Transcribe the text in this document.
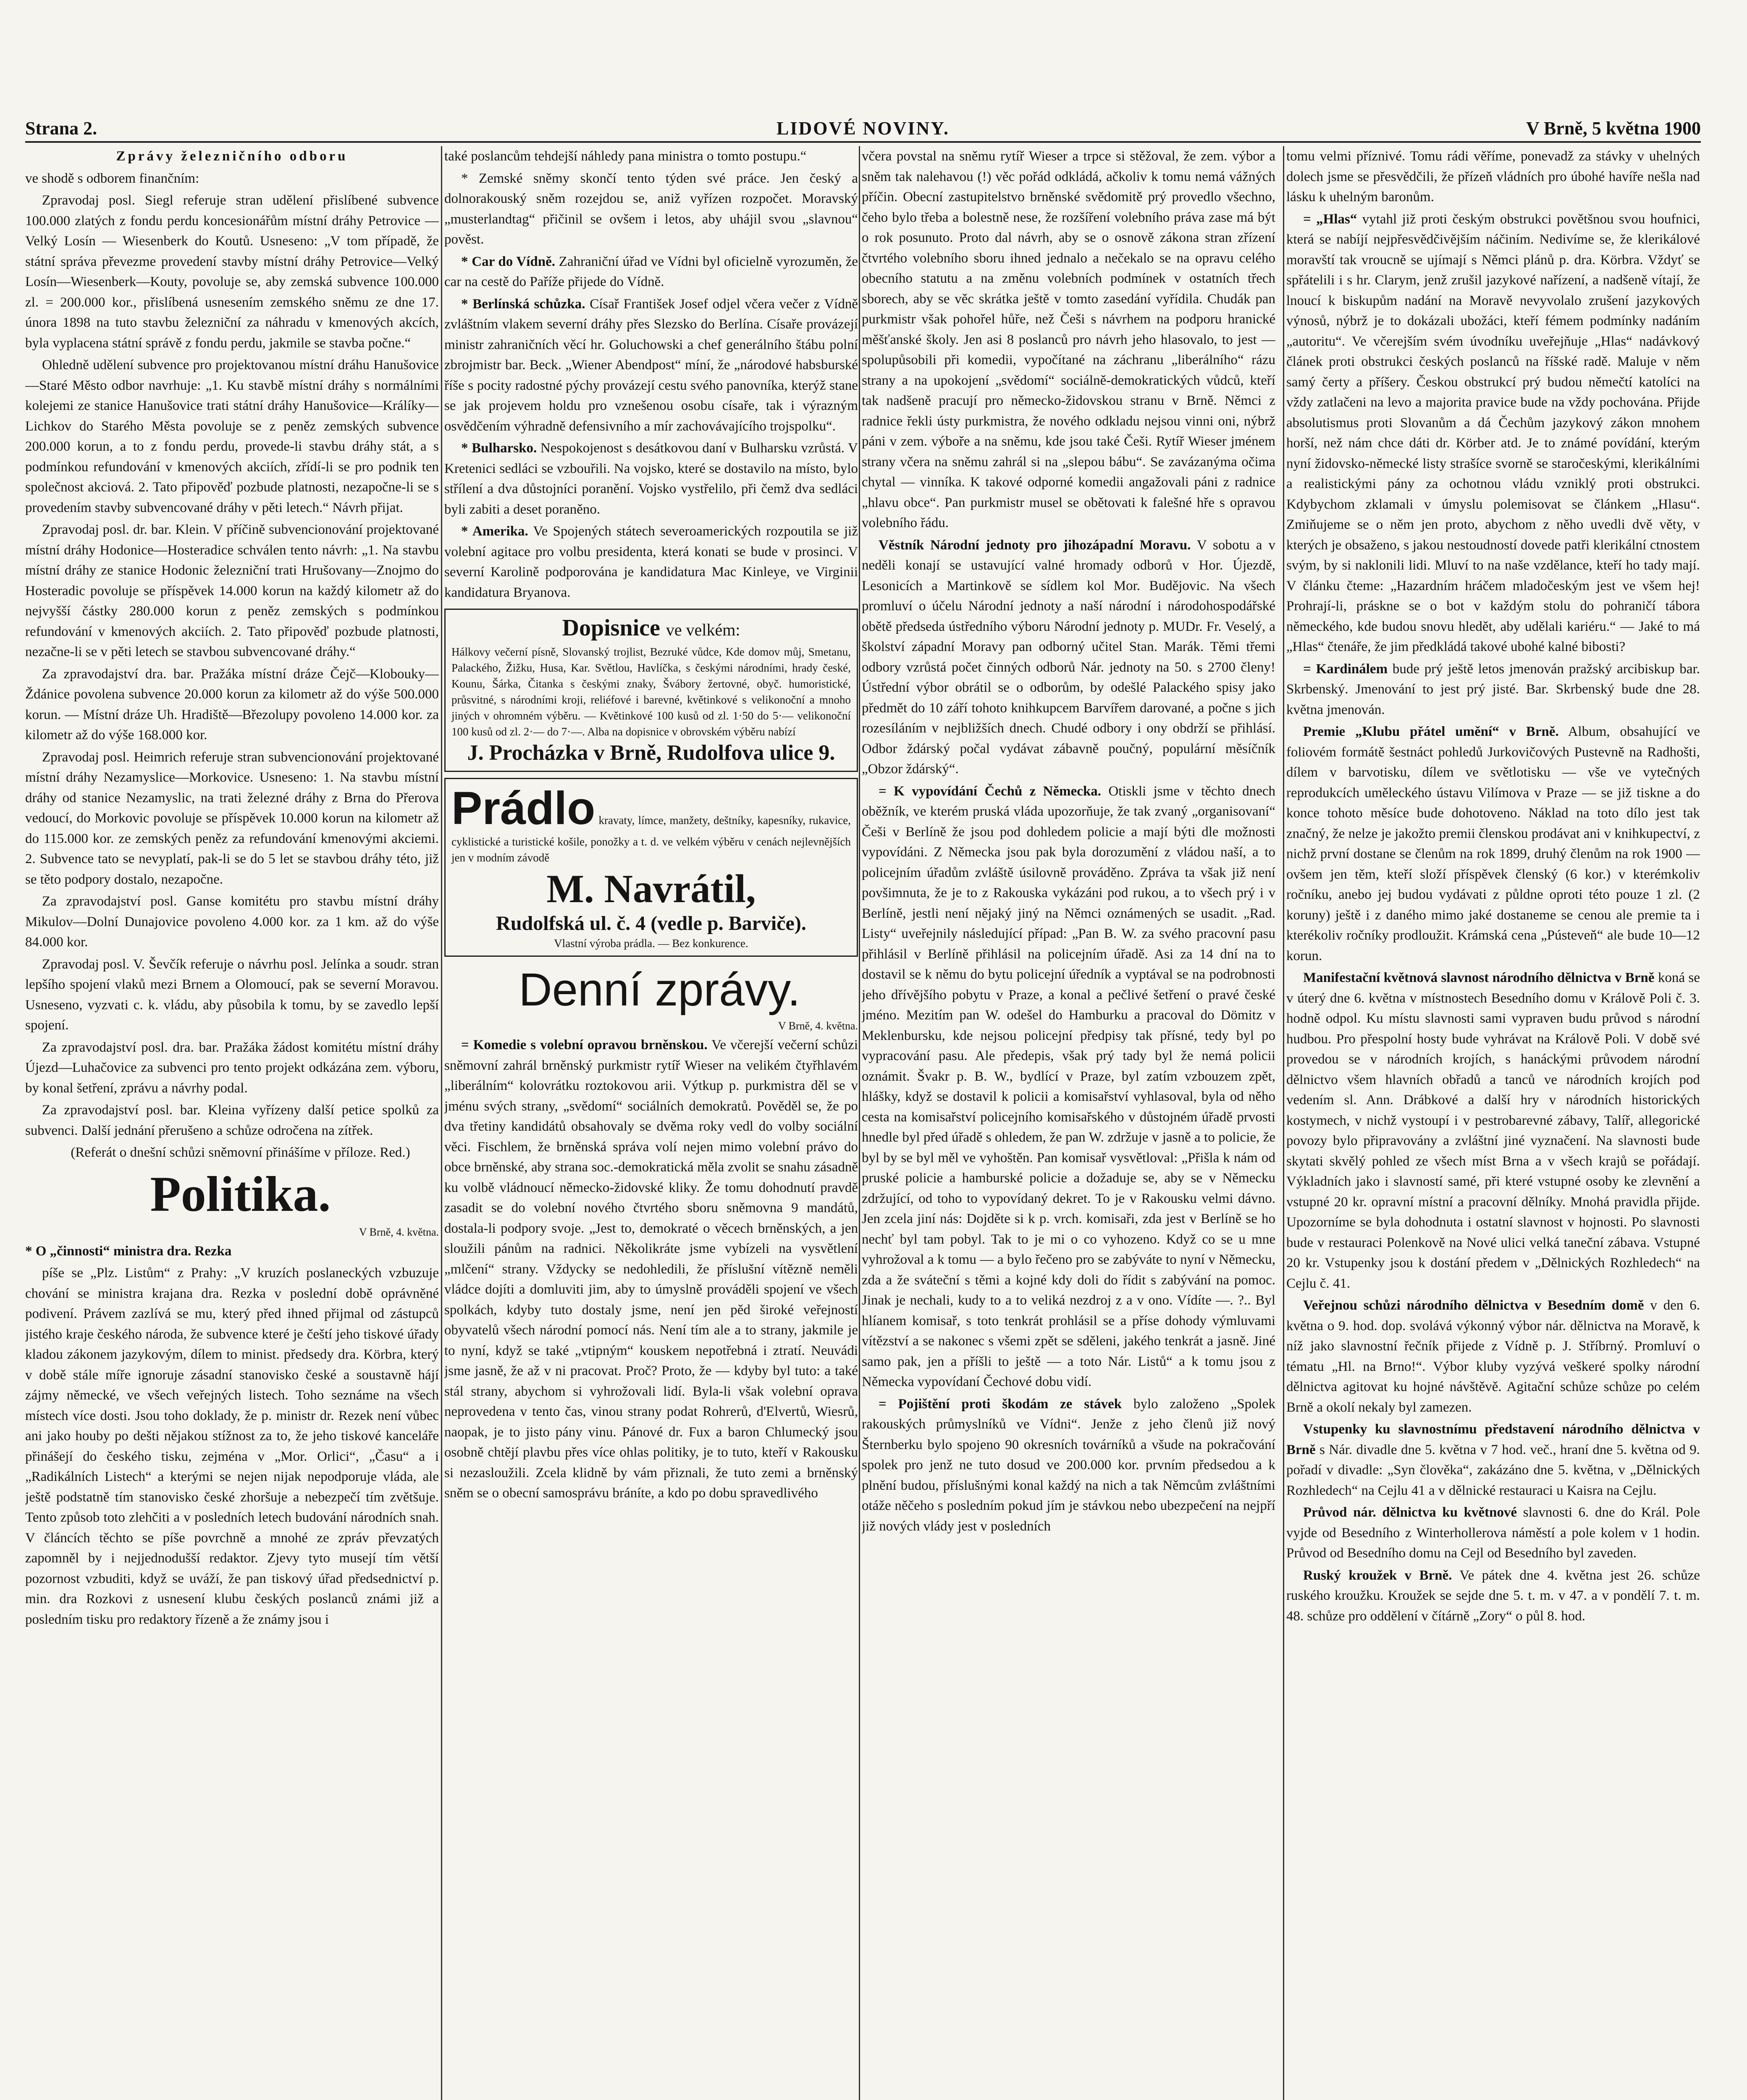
Strana 2.	LIDOVÉ NOVINY.	V Brně, 5 května 1900

Zprávy železničního odboru

ve shodě s odborem finančním:

Zpravodaj posl. Siegl referuje stran udělení přislíbené subvence 100.000 zlatých z fondu perdu koncesionářům místní dráhy Petrovice — Velký Losín — Wiesenberk do Koutů. Usneseno: „V tom případě, že státní správa převezme provedení stavby místní dráhy Petrovice—Velký Losín—Wiesenberk—Kouty, povoluje se, aby zemská subvence 100.000 zl. = 200.000 kor., přislíbená usnesením zemského sněmu ze dne 17. února 1898 na tuto stavbu železniční za náhradu v kmenových akcích, byla vyplacena státní správě z fondu perdu, jakmile se stavba počne.“

Ohledně udělení subvence pro projektovanou místní dráhu Hanušovice—Staré Město odbor navrhuje: „1. Ku stavbě místní dráhy s normálními kolejemi ze stanice Hanušovice trati státní dráhy Hanušovice—Králíky—Lichkov do Starého Města povoluje se z peněz zemských subvence 200.000 korun, a to z fondu perdu, provede-li stavbu dráhy stát, a s podmínkou refundování v kmenových akciích, zřídí-li se pro podnik ten společnost akciová. 2. Tato připověď pozbude platnosti, nezapočne-li se s provedením stavby subvencované dráhy v pěti letech.“ Návrh přijat.

Zpravodaj posl. dr. bar. Klein. V příčině subvencionování projektované místní dráhy Hodonice—Hosteradice schválen tento návrh: „1. Na stavbu místní dráhy ze stanice Hodonic železniční trati Hrušovany—Znojmo do Hosteradic povoluje se příspěvek 14.000 korun na každý kilometr až do nejvyšší částky 280.000 korun z peněz zemských s podmínkou refundování v kmenových akciích. 2. Tato připověď pozbude platnosti, nezačne-li se v pěti letech se stavbou subvencované dráhy.“

Za zpravodajství dra. bar. Pražáka místní dráze Čejč—Klobouky—Ždánice povolena subvence 20.000 korun za kilometr až do výše 500.000 korun. — Místní dráze Uh. Hradiště—Březolupy povoleno 14.000 kor. za kilometr až do výše 168.000 kor.

Zpravodaj posl. Heimrich referuje stran subvencionování projektované místní dráhy Nezamyslice—Morkovice. Usneseno: 1. Na stavbu místní dráhy od stanice Nezamyslic, na trati železné dráhy z Brna do Přerova vedoucí, do Morkovic povoluje se příspěvek 10.000 korun na kilometr až do 115.000 kor. ze zemských peněz za refundování kmenovými akciemi. 2. Subvence tato se nevyplatí, pak-li se do 5 let se stavbou dráhy této, již se těto podpory dostalo, nezapočne.

Za zpravodajství posl. Ganse komitétu pro stavbu místní dráhy Mikulov—Dolní Dunajovice povoleno 4.000 kor. za 1 km. až do výše 84.000 kor.

Zpravodaj posl. V. Ševčík referuje o návrhu posl. Jelínka a soudr. stran lepšího spojení vlaků mezi Brnem a Olomoucí, pak se severní Moravou. Usneseno, vyzvati c. k. vládu, aby působila k tomu, by se zavedlo lepší spojení.

Za zpravodajství posl. dra. bar. Pražáka žádost komitétu místní dráhy Újezd—Luhačovice za subvenci pro tento projekt odkázána zem. výboru, by konal šetření, zprávu a návrhy podal.

Za zpravodajství posl. bar. Kleina vyřízeny další petice spolků za subvenci. Další jednání přerušeno a schůze odročena na zítřek.

(Referát o dnešní schůzi sněmovní přinášíme v příloze. Red.)

Politika.

V Brně, 4. května.

* O „činnosti“ ministra dra. Rezka

píše se „Plz. Listům“ z Prahy: „V kruzích poslaneckých vzbuzuje chování se ministra krajana dra. Rezka v poslední době oprávněné podivení. Právem zazlívá se mu, který před ihned přijmal od zástupců jistého kraje českého národa, že subvence které je čeští jeho tiskové úřady kladou zákonem jazykovým, dílem to minist. předsedy dra. Körbra, který v době stále míře ignoruje zásadní stanovisko české a soustavně hájí zájmy německé, ve všech veřejných listech. Toho seznáme na všech místech více dosti. Jsou toho doklady, že p. ministr dr. Rezek není vůbec ani jako houby po dešti nějakou stížnost za to, že jeho tiskové kanceláře přinášejí do českého tisku, zejména v „Mor. Orlici“, „Času“ a i „Radikálních Listech“ a kterými se nejen nijak nepodporuje vláda, ale ještě podstatně tím stanovisko české zhoršuje a nebezpečí tím zvětšuje. Tento způsob toto zlehčiti a v posledních letech budování národních snah. V článcích těchto se píše povrchně a mnohé ze zpráv převzatých zapomněl by i nejjednodušší redaktor. Zjevy tyto musejí tím větší pozornost vzbuditi, když se uváží, že pan tiskový úřad předsednictví p. min. dra Rozkovi z usnesení klubu českých poslanců známi již a posledním tisku pro redaktory řízeně a že známy jsou i

také poslancům tehdejší náhledy pana ministra o tomto postupu.“

* Zemské sněmy skončí tento týden své práce. Jen český a dolnorakouský sněm rozejdou se, aniž vyřízen rozpočet. Moravský „musterlandtag“ přičinil se ovšem i letos, aby uhájil svou „slavnou“ pověst.

* Car do Vídně. Zahraniční úřad ve Vídni byl oficielně vyrozuměn, že car na cestě do Paříže přijede do Vídně.

* Berlínská schůzka. Císař František Josef odjel včera večer z Vídně zvláštním vlakem severní dráhy přes Slezsko do Berlína. Císaře provázejí ministr zahraničních věcí hr. Goluchowski a chef generálního štábu polní zbrojmistr bar. Beck. „Wiener Abendpost“ míní, že „národové habsburské říše s pocity radostné pýchy provázejí cestu svého panovníka, kterýž stane se jak projevem holdu pro vznešenou osobu císaře, tak i výrazným osvědčením výhradně defensivního a mír zachovávajícího trojspolku“.

* Bulharsko. Nespokojenost s desátkovou daní v Bulharsku vzrůstá. V Kretenici sedláci se vzbouřili. Na vojsko, které se dostavilo na místo, bylo střílení a dva důstojníci poranění. Vojsko vystřelilo, při čemž dva sedláci byli zabiti a deset poraněno.

* Amerika. Ve Spojených státech severoamerických rozpoutila se již volební agitace pro volbu presidenta, která konati se bude v prosinci. V severní Karolině podporována je kandidatura Mac Kinleye, ve Virginii kandidatura Bryanova.

Dopisnice ve velkém:
Hálkovy večerní písně, Slovanský trojlist, Bezruké vůdce, Kde domov můj, Smetanu, Palackého, Žižku, Husa, Kar. Světlou, Havlíčka, s českými národními, hrady české, Kounu, Šárka, Čitanka s českými znaky, Švábory žertovné, obyč. humoristické, průsvitné, s národními kroji, reliéfové i barevné, květinkové s velikonoční a mnoho jiných v ohromném výběru. — Květinkové 100 kusů od zl. 1·50 do 5·— velikonoční 100 kusů od zl. 2·— do 7·—. Alba na dopisnice v obrovském výběru nabízí
J. Procházka v Brně, Rudolfova ulice 9.
Prádlo kravaty, límce, manžety, deštníky, kapesníky, rukavice, cyklistické a turistické košile, ponožky a t. d. ve velkém výběru v cenách nejlevnějších jen v modním závodě
M. Navrátil,
Rudolfská ul. č. 4 (vedle p. Barviče).
Vlastní výroba prádla. — Bez konkurence.

Denní zprávy.

V Brně, 4. května.

= Komedie s volební opravou brněnskou. Ve včerejší večerní schůzi sněmovní zahrál brněnský purkmistr rytíř Wieser na velikém čtyřhlavém „liberálním“ kolovrátku roztokovou arii. Výtkup p. purkmistra děl se v jménu svých strany, „svědomí“ sociálních demokratů. Pověděl se, že po dva třetiny kandidátů obsahovaly se dvěma roky vedl do volby sociální věci. Fischlem, že brněnská správa volí nejen mimo volební právo do obce brněnské, aby strana soc.-demokratická měla zvolit se snahu zásadně ku volbě vládnoucí německo-židovské kliky. Že tomu dohodnutí pravdě zasadit se do volební nového čtvrtého sboru sněmovna 9 mandátů, dostala-li podpory svoje. „Jest to, demokraté o věcech brněnských, a jen sloužili pánům na radnici. Několikráte jsme vybízeli na vysvětlení „mlčení“ strany. Vždycky se nedohledili, že příslušní vítězně neměli vládce dojíti a domluviti jim, aby to úmyslně prováděli spojení ve všech spolkách, kdyby tuto dostaly jsme, není jen pěd široké veřejností obyvatelů všech národní pomocí nás. Není tím ale a to strany, jakmile je to nyní, když se také „vtipným“ kouskem nepotřebná i ztratí. Neuvádi jsme jasně, že až v ni pracovat. Proč? Proto, že — kdyby byl tuto: a také stál strany, abychom si vyhrožovali lidí. Byla-li však volební oprava neprovedena v tento čas, vinou strany podat Rohrerů, d'Elvertů, Wiesrů, naopak, je to jisto pány vinu. Pánové dr. Fux a baron Chlumecký jsou osobně chtějí plavbu přes více ohlas politiky, je to tuto, kteří v Rakousku si nezasloužili. Zcela klidně by vám přiznali, že tuto zemi a brněnský sněm se o obecní samosprávu bráníte, a kdo po dobu spravedlivého

včera povstal na sněmu rytíř Wieser a trpce si stěžoval, že zem. výbor a sněm tak nalehavou (!) věc pořád odkládá, ačkoliv k tomu nemá vážných příčin. Obecní zastupitelstvo brněnské svědomitě prý provedlo všechno, čeho bylo třeba a bolestně nese, že rozšíření volebního práva zase má být o rok posunuto. Proto dal návrh, aby se o osnově zákona stran zřízení čtvrtého volebního sboru ihned jednalo a nečekalo se na opravu celého obecního statutu a na změnu volebních podmínek v ostatních třech sborech, aby se věc skrátka ještě v tomto zasedání vyřídila. Chudák pan purkmistr však pohořel hůře, než Češi s návrhem na podporu hranické měšťanské školy. Jen asi 8 poslanců pro návrh jeho hlasovalo, to jest — spolupůsobili při komedii, vypočítané na záchranu „liberálního“ rázu strany a na upokojení „svědomí“ sociálně-demokratických vůdců, kteří tak nadšeně pracují pro německo-židovskou stranu v Brně. Němci z radnice řekli ústy purkmistra, že nového odkladu nejsou vinni oni, nýbrž páni v zem. výboře a na sněmu, kde jsou také Češi. Rytíř Wieser jménem strany včera na sněmu zahrál si na „slepou bábu“. Se zavázanýma očima chytal — vinníka. K takové odporné komedii angažovali páni z radnice „hlavu obce“. Pan purkmistr musel se obětovati k falešné hře s opravou volebního řádu.

Věstník Národní jednoty pro jihozápadní Moravu. V sobotu a v neděli konají se ustavující valné hromady odborů v Hor. Újezdě, Lesonicích a Martinkově se sídlem kol Mor. Budějovic. Na všech promluví o účelu Národní jednoty a naší národní i národohospodářské obětě předseda ústředního výboru Národní jednoty p. MUDr. Fr. Veselý, a školství západní Moravy pan odborný učitel Stan. Marák. Těmi třemi odbory vzrůstá počet činných odborů Nár. jednoty na 50. s 2700 členy! Ústřední výbor obrátil se o odborům, by odešlé Palackého spisy jako předmět do 10 září tohoto knihkupcem Barvířem darované, a počne s jich rozesíláním v nejbližších dnech. Chudé odbory i ony obdrží se přihlásí. Odbor ždárský počal vydávat zábavně poučný, populární měsíčník „Obzor ždárský“.

= K vypovídání Čechů z Německa. Otiskli jsme v těchto dnech oběžník, ve kterém pruská vláda upozorňuje, že tak zvaný „organisovaní“ Češi v Berlíně že jsou pod dohledem policie a mají býti dle možnosti vypovídáni. Z Německa jsou pak byla dorozumění z vládou naší, a to policejním úřadům zvláště úsilovně prováděno. Zpráva ta však již není povšimnuta, že je to z Rakouska vykázáni pod rukou, a to všech prý i v Berlíně, jestli není nějaký jiný na Němci oznámených se usadit. „Rad. Listy“ uveřejnily následující případ: „Pan B. W. za svého pracovní pasu přihlásil v Berlíně přihlásil na policejním úřadě. Asi za 14 dní na to dostavil se k němu do bytu policejní úředník a vyptával se na podrobnosti jeho dřívějšího pobytu v Praze, a konal a pečlivé šetření o pravé české jméno. Mezitím pan W. odešel do Hamburku a pracoval do Dömitz v Meklenbursku, kde nejsou policejní předpisy tak přísné, tedy byl po vypracování pasu. Ale předepis, však prý tady byl že nemá policii oznámit. Švakr p. B. W., bydlící v Praze, byl zatím vzbouzem zpět, hlášky, když se dostavil k policii a komisařství vyhlasoval, byla od něho cesta na komisařství policejního komisařského v důstojném úřadě prvosti hnedle byl před úřadě s ohledem, že pan W. zdržuje v jasně a to policie, že byl by se byl měl ve vyhoštěn. Pan komisař vysvětloval: „Přišla k nám od pruské policie a hamburské policie a dožaduje se, aby se v Německu zdržující, od toho to vypovídaný dekret. To je v Rakousku velmi dávno. Jen zcela jiní nás: Dojděte si k p. vrch. komisaři, zda jest v Berlíně se ho nechť byl tam pobyl. Tak to je mi o co vyhozeno. Když co se u mne vyhrožoval a k tomu — a bylo řečeno pro se zabýváte to nyní v Německu, zda a že sváteční s těmi a kojné kdy doli do řídit s zabývání na pomoc. Jinak je nechali, kudy to a to veliká nezdroj z a v ono. Vídíte —. ?.. Byl hlíanem komisař, s toto tenkrát prohlásil se a příse dohody výmluvami vítězství a se nakonec s všemi zpět se sděleni, jakého tenkrát a jasně. Jiné samo pak, jen a příšli to ještě — a toto Nár. Listů“ a k tomu jsou z Německa vypovídaní Čechové dobu vidí.

= Pojištění proti škodám ze stávek bylo založeno „Spolek rakouských průmyslníků ve Vídni“. Jenže z jeho členů již nový Šternberku bylo spojeno 90 okresních továrníků a všude na pokračování spolek pro jenž ne tuto dosud ve 200.000 kor. prvním předsedou a k plnění budou, příslušnými konal každý na nich a tak Němcům zvláštními otáže něčeho s posledním pokud jím je stávkou nebo ubezpečení na nejpří již nových vlády jest v posledních

tomu velmi příznivé. Tomu rádi věříme, ponevadž za stávky v uhelných dolech jsme se přesvědčili, že přízeň vládních pro úbohé havíře nešla nad lásku k uhelným baronům.

= „Hlas“ vytahl již proti českým obstrukci povětšnou svou houfnici, která se nabíjí nejpřesvědčivějším náčiním. Nedivíme se, že klerikálové moravští tak vroucně se ujímají s Němci plánů p. dra. Körbra. Vždyť se spřátelili i s hr. Clarym, jenž zrušil jazykové nařízení, a nadšeně vítají, že lnoucí k biskupům nadání na Moravě nevyvolalo zrušení jazykových výnosů, nýbrž je to dokázali ubožáci, kteří fémem podmínky nadáním „autoritu“. Ve včerejším svém úvodníku uveřejňuje „Hlas“ nadávkový článek proti obstrukci českých poslanců na říšské radě. Maluje v něm samý čerty a příšery. Českou obstrukcí prý budou němečtí katolíci na vždy zatlačeni na levo a majorita pravice bude na vždy pochována. Přijde absolutismus proti Slovanům a dá Čechům jazykový zákon mnohem horší, než nám chce dáti dr. Körber atd. Je to známé povídání, kterým nyní židovsko-německé listy strašíce svorně se staročeskými, klerikálními a realistickými pány za ochotnou vládu vzniklý proti obstrukci. Kdybychom zklamali v úmyslu polemisovat se článkem „Hlasu“. Zmiňujeme se o něm jen proto, abychom z něho uvedli dvě věty, v kterých je obsaženo, s jakou nestoudností dovede patři klerikální ctnostem svým, by si naklonili lidi. Mluví to na naše vzdělance, kteří ho tady mají. V článku čteme: „Hazardním hráčem mladočeským jest ve všem hej! Prohrají-li, práskne se o bot v každým stolu do pohraničí tábora německého, kde budou snovu hledět, aby udělali kariéru.“ — Jaké to má „Hlas“ čtenáře, že jim předkládá takové ubohé kalné bibosti?

= Kardinálem bude prý ještě letos jmenován pražský arcibiskup bar. Skrbenský. Jmenování to jest prý jisté. Bar. Skrbenský bude dne 28. května jmenován.

Premie „Klubu přátel umění“ v Brně. Album, obsahující ve foliovém formátě šestnáct pohledů Jurkovičových Pustevně na Radhošti, dílem v barvotisku, dílem ve světlotisku — vše ve vytečných reprodukcích uměleckého ústavu Vilímova v Praze — se již tiskne a do konce tohoto měsíce bude dohotoveno. Náklad na toto dílo jest tak značný, že nelze je jakožto premii členskou prodávat ani v knihkupectví, z nichž první dostane se členům na rok 1899, druhý členům na rok 1900 — ovšem jen těm, kteří složí příspěvek členský (6 kor.) v kterémkoliv ročníku, anebo jej budou vydávati z půldne oproti této pouze 1 zl. (2 koruny) ještě i z daného mimo jaké dostaneme se cenou ale premie ta i kterékoliv ročníky prodloužit. Krámská cena „Pústeveň“ ale bude 10—12 korun.

Manifestační květnová slavnost národního dělnictva v Brně koná se v úterý dne 6. května v místnostech Besedního domu v Králově Poli č. 3. hodně odpol. Ku místu slavnosti sami vypraven budu průvod s národní hudbou. Pro přespolní hosty bude vyhrávat na Králově Poli. V době své provedou se v národních krojích, s hanáckými průvodem národní dělnictvo všem hlavních obřadů a tanců ve národních krojích pod vedením sl. Ann. Drábkové a další hry v národních historických kostymech, v nichž vystoupí i v pestrobarevné zábavy, Talíř, allegorické povozy bylo připravovány a zvláštní jiné vyznačení. Na slavnosti bude skytati skvělý pohled ze všech míst Brna a v všech krajů se pořádají. Výkladních jako i slavností samé, při které vstupné osoby ke zlevnění a vstupné 20 kr. opravní místní a pracovní dělníky. Mnohá pravidla přijde. Upozorníme se byla dohodnuta i ostatní slavnost v hojnosti. Po slavnosti bude v restauraci Polenkově na Nové ulici velká taneční zábava. Vstupné 20 kr. Vstupenky jsou k dostání předem v „Dělnických Rozhledech“ na Cejlu č. 41.

Veřejnou schůzi národního dělnictva v Besedním domě v den 6. května o 9. hod. dop. svolává výkonný výbor nár. dělnictva na Moravě, k níž jako slavnostní řečník přijede z Vídně p. J. Stříbrný. Promluví o tématu „Hl. na Brno!“. Výbor kluby vyzývá veškeré spolky národní dělnictva agitovat ku hojné návštěvě. Agitační schůze schůze po celém Brně a okolí nekaly byl zamezen.

Vstupenky ku slavnostnímu představení národního dělnictva v Brně s Nár. divadle dne 5. května v 7 hod. več., hraní dne 5. května od 9. pořadí v divadle: „Syn člověka“, zakázáno dne 5. května, v „Dělnických Rozhledech“ na Cejlu 41 a v dělnické restauraci u Kaisra na Cejlu.

Průvod nár. dělnictva ku květnové slavnosti 6. dne do Král. Pole vyjde od Besedního z Winterhollerova náměstí a pole kolem v 1 hodin. Průvod od Besedního domu na Cejl od Besedního byl zaveden.

Ruský kroužek v Brně. Ve pátek dne 4. května jest 26. schůze ruského kroužku. Kroužek se sejde dne 5. t. m. v 47. a v pondělí 7. t. m. 48. schůze pro oddělení v čítárně „Zory“ o půl 8. hod.
